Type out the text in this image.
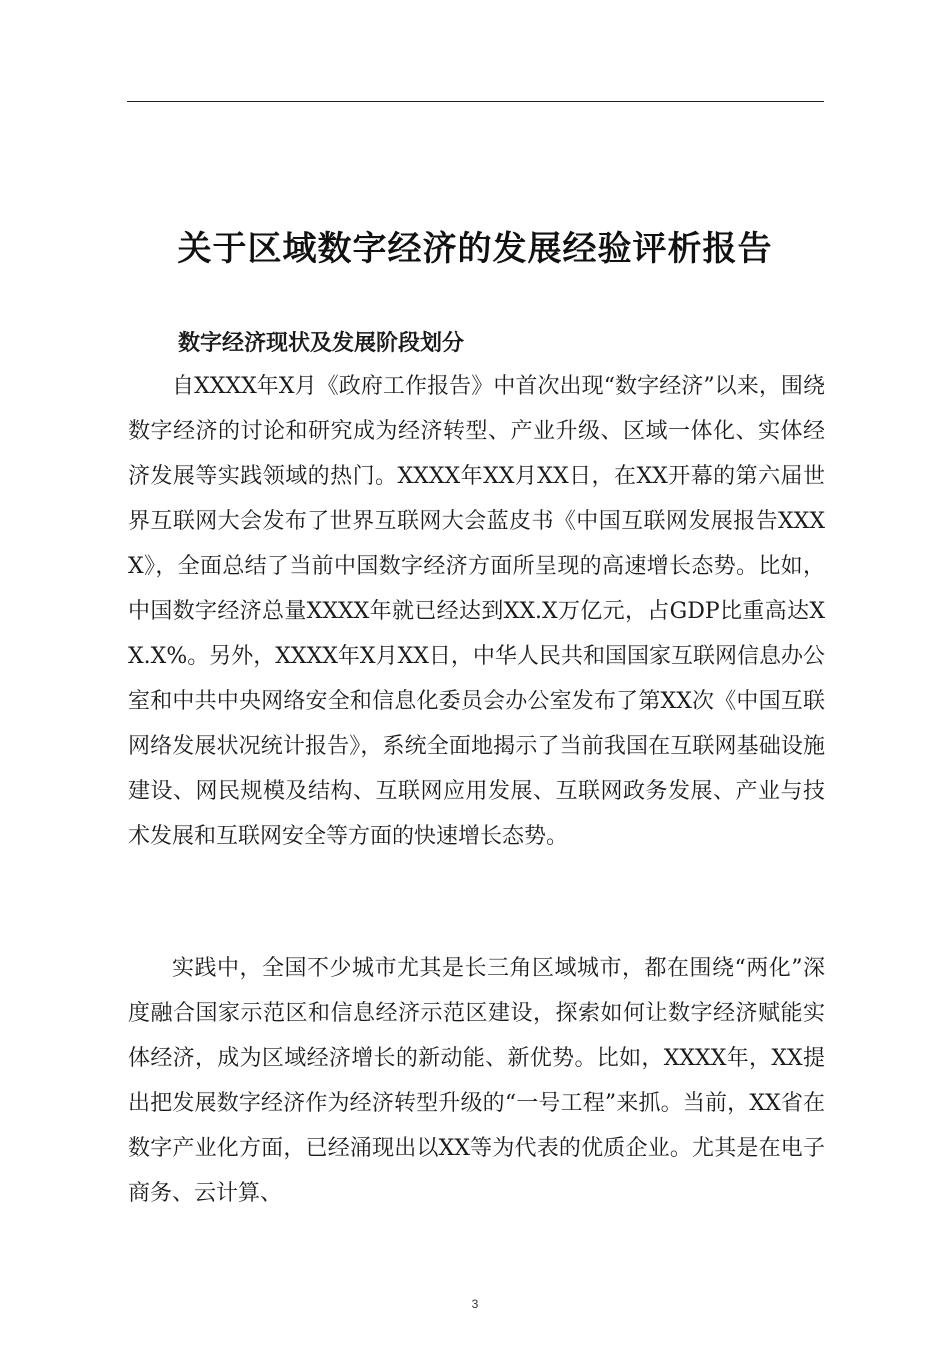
关于区域数字经济的发展经验评析报告
数字经济现状及发展阶段划分

自XXXX年X月《政府工作报告》中首次出现“数字经济”以来，围绕数字经济的讨论和研究成为经济转型、产业升级、区域一体化、实体经济发展等实践领域的热门。XXXX年XX月XX日，在XX开幕的第六届世界互联网大会发布了世界互联网大会蓝皮书《中国互联网发展报告XXXX》，全面总结了当前中国数字经济方面所呈现的高速增长态势。比如，中国数字经济总量XXXX年就已经达到XX.X万亿元，占GDP比重高达XX.X%。另外，XXXX年X月XX日，中华人民共和国国家互联网信息办公室和中共中央网络安全和信息化委员会办公室发布了第XX次《中国互联网络发展状况统计报告》，系统全面地揭示了当前我国在互联网基础设施建设、网民规模及结构、互联网应用发展、互联网政务发展、产业与技术发展和互联网安全等方面的快速增长态势。

实践中，全国不少城市尤其是长三角区域城市，都在围绕“两化”深度融合国家示范区和信息经济示范区建设，探索如何让数字经济赋能实体经济，成为区域经济增长的新动能、新优势。比如，XXXX年，XX提出把发展数字经济作为经济转型升级的“一号工程”来抓。当前，XX省在数字产业化方面，已经涌现出以XX等为代表的优质企业。尤其是在电子商务、云计算、

3
